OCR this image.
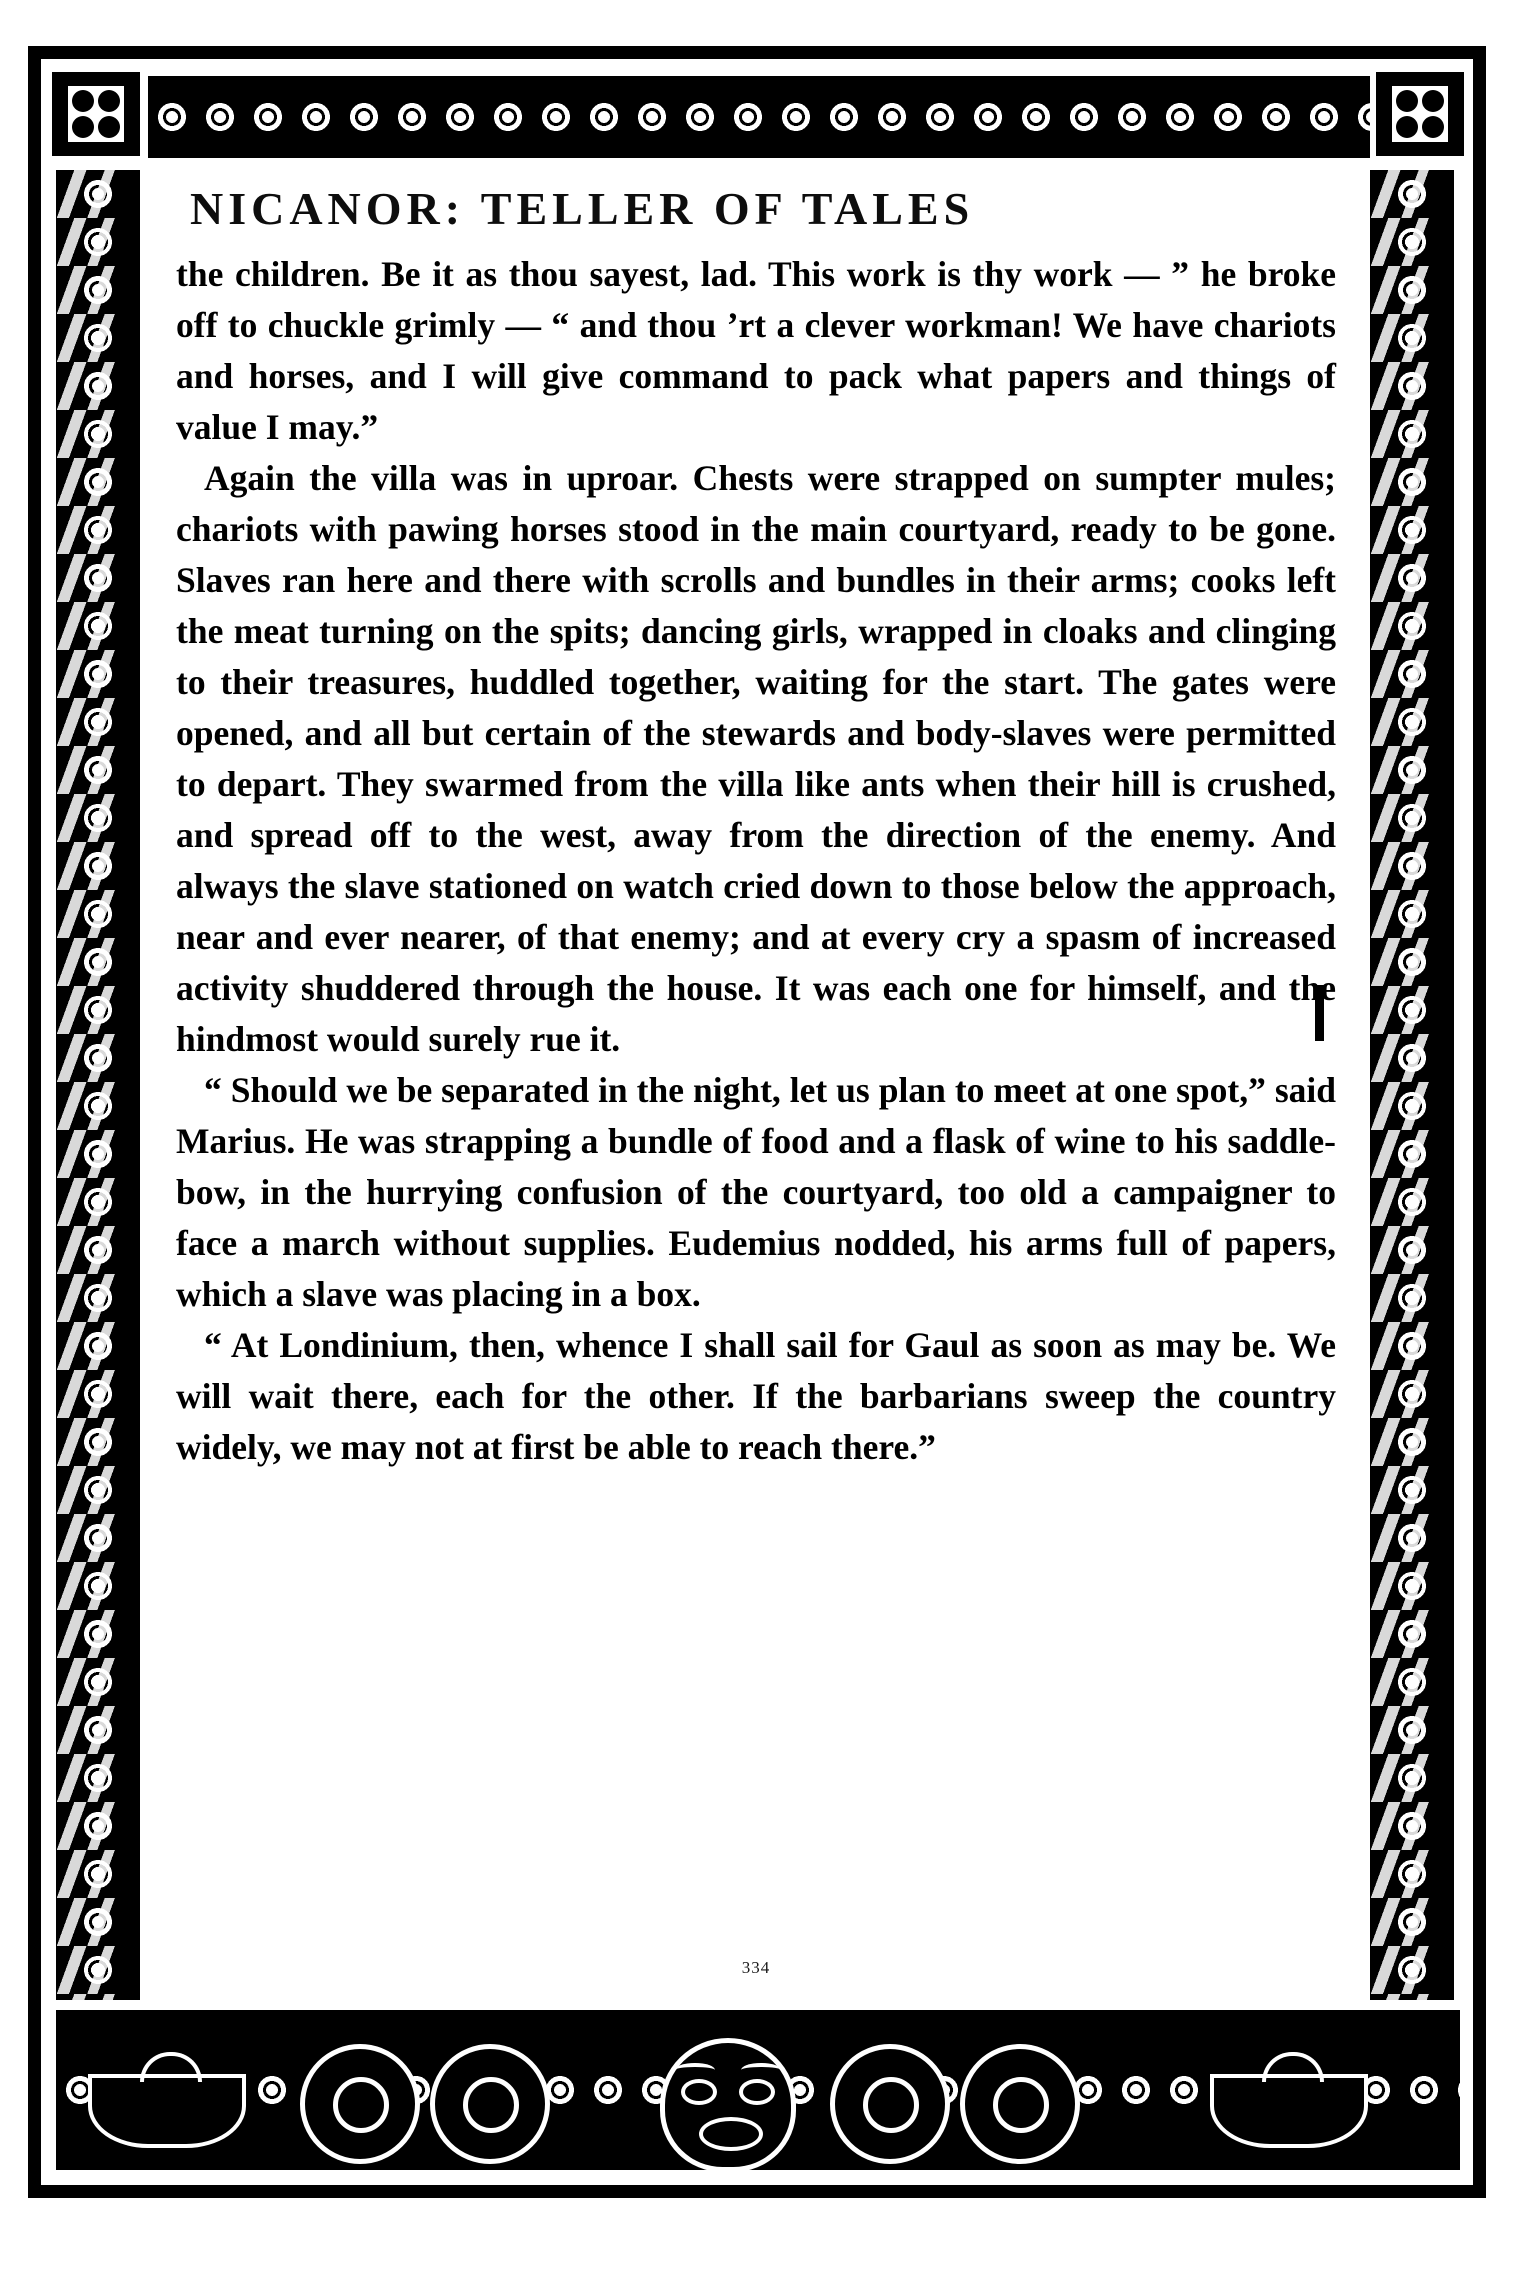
NICANOR: TELLER OF TALES

the children. Be it as thou sayest, lad. This work is thy work — ” he broke off to chuckle grimly — “ and thou ’rt a clever workman! We have chariots and horses, and I will give command to pack what papers and things of value I may.”

Again the villa was in uproar. Chests were strapped on sumpter mules; chariots with pawing horses stood in the main courtyard, ready to be gone. Slaves ran here and there with scrolls and bundles in their arms; cooks left the meat turning on the spits; dancing girls, wrapped in cloaks and clinging to their treasures, huddled together, waiting for the start. The gates were opened, and all but certain of the stewards and body-slaves were permitted to depart. They swarmed from the villa like ants when their hill is crushed, and spread off to the west, away from the direction of the enemy. And always the slave stationed on watch cried down to those below the approach, near and ever nearer, of that enemy; and at every cry a spasm of increased activity shuddered through the house. It was each one for himself, and the hindmost would surely rue it.

“ Should we be separated in the night, let us plan to meet at one spot,” said Marius. He was strapping a bundle of food and a flask of wine to his saddle-bow, in the hurrying confusion of the courtyard, too old a campaigner to face a march without supplies. Eudemius nodded, his arms full of papers, which a slave was placing in a box.

“ At Londinium, then, whence I shall sail for Gaul as soon as may be. We will wait there, each for the other. If the barbarians sweep the country widely, we may not at first be able to reach there.”

334
